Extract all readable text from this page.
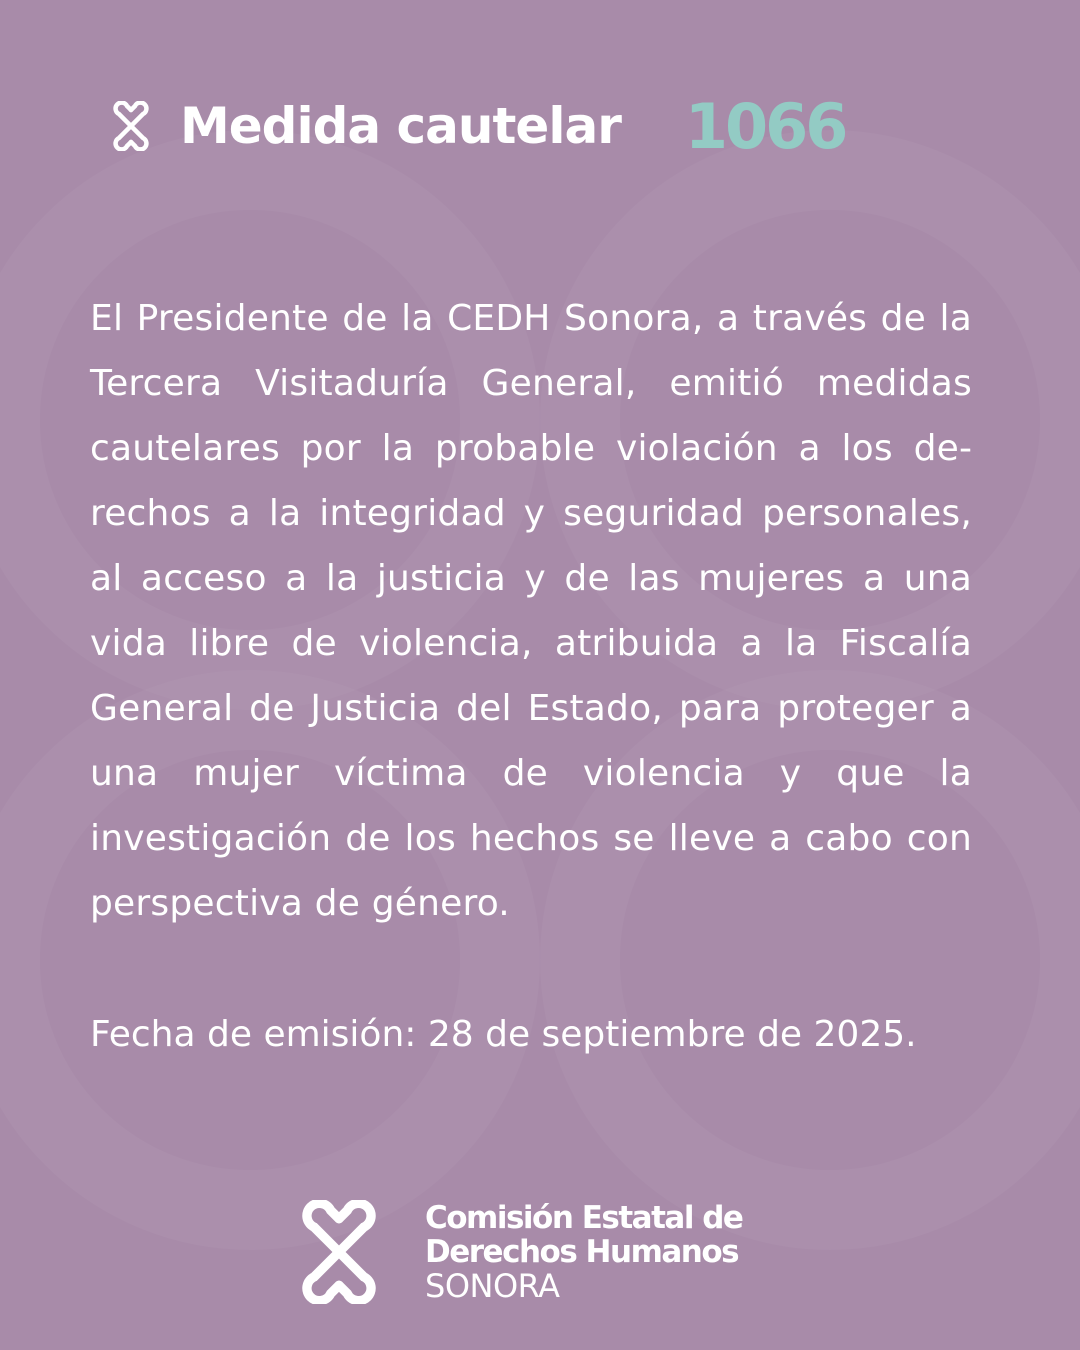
Medida cautelar 1066
El Presidente de la CEDH Sonora, a través de la Tercera Visitaduría General, emitió medidas cautelares por la probable violación a los derechos a la integridad y seguridad personales, al acceso a la justicia y de las mujeres a una vida libre de violencia, atribuida a la Fiscalía General de Justicia del Estado, para proteger a una mujer víctima de violencia y que la investigación de los hechos se lleve a cabo con perspectiva de género.
Fecha de emisión: 28 de septiembre de 2025.
Comisión Estatal de
Derechos Humanos
SONORA
